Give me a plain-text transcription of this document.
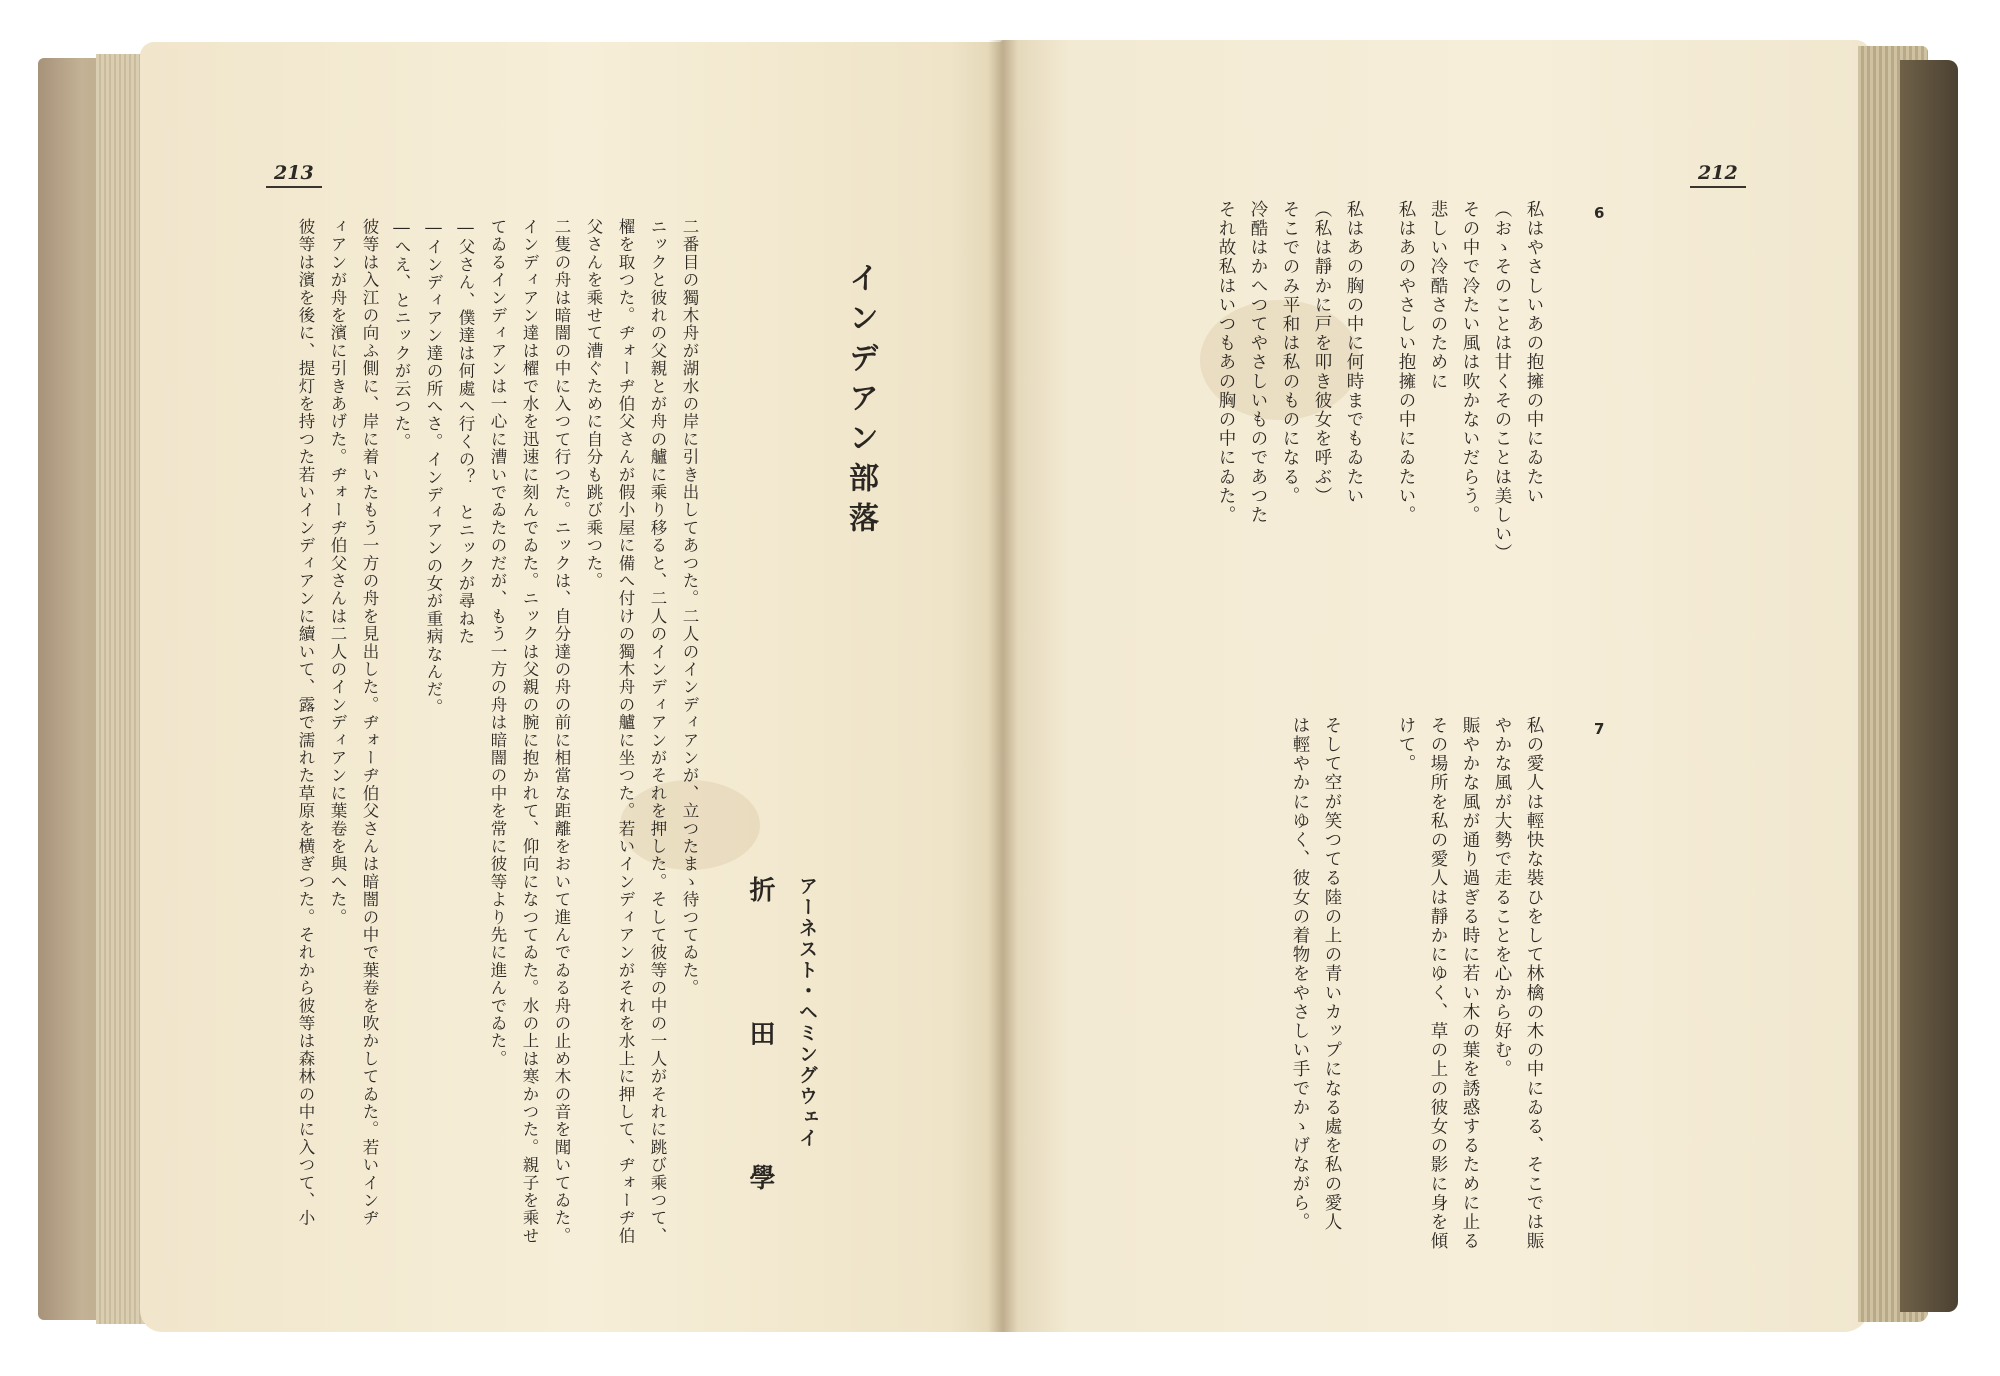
213
インデアン部落
アーネスト・ヘミングウェイ
折 田 學
二番目の獨木舟が湖水の岸に引き出してあつた。二人のインディアンが、立つたまゝ待つてゐた。
ニックと彼れの父親とが舟の艫に乘り移ると、二人のインディアンがそれを押した。そして彼等の中の一人がそれに跳び乘つて、
櫂を取つた。ヂォーヂ伯父さんが假小屋に備へ付けの獨木舟の艫に坐つた。若いインディアンがそれを水上に押して、ヂォーヂ伯
父さんを乘せて漕ぐために自分も跳び乘つた。
二隻の舟は暗闇の中に入つて行つた。ニックは、自分達の舟の前に相當な距離をおいて進んでゐる舟の止め木の音を聞いてゐた。
インディアン達は櫂で水を迅速に刻んでゐた。ニックは父親の腕に抱かれて、仰向になつてゐた。水の上は寒かつた。親子を乘せ
てゐるインディアンは一心に漕いでゐたのだが、もう一方の舟は暗闇の中を常に彼等より先に進んでゐた。
―父さん、僕達は何處へ行くの？　とニックが尋ねた
―インディアン達の所へさ。インディアンの女が重病なんだ。
―へえ、とニックが云つた。
彼等は入江の向ふ側に、岸に着いたもう一方の舟を見出した。ヂォーヂ伯父さんは暗闇の中で葉卷を吹かしてゐた。若いインヂ
ィアンが舟を濱に引きあげた。ヂォーヂ伯父さんは二人のインディアンに葉卷を與へた。
彼等は濱を後に、提灯を持つた若いインディアンに續いて、露で濡れた草原を横ぎつた。それから彼等は森林の中に入つて、小
212
6
私はやさしいあの抱擁の中にゐたい
（おゝそのことは甘くそのことは美しい）
その中で冷たい風は吹かないだらう。
悲しい冷酷さのために
私はあのやさしい抱擁の中にゐたい。
私はあの胸の中に何時までもゐたい
（私は靜かに戸を叩き彼女を呼ぶ）
そこでのみ平和は私のものになる。
冷酷はかへつてやさしいものであつた
それ故私はいつもあの胸の中にゐた。
7
私の愛人は輕快な裝ひをして林檎の木の中にゐる、そこでは賑
やかな風が大勢で走ることを心から好む。
賑やかな風が通り過ぎる時に若い木の葉を誘惑するために止る
その場所を私の愛人は靜かにゆく、草の上の彼女の影に身を傾
けて。
そして空が笑つてる陸の上の青いカップになる處を私の愛人
は輕やかにゆく、彼女の着物をやさしい手でかゝげながら。
